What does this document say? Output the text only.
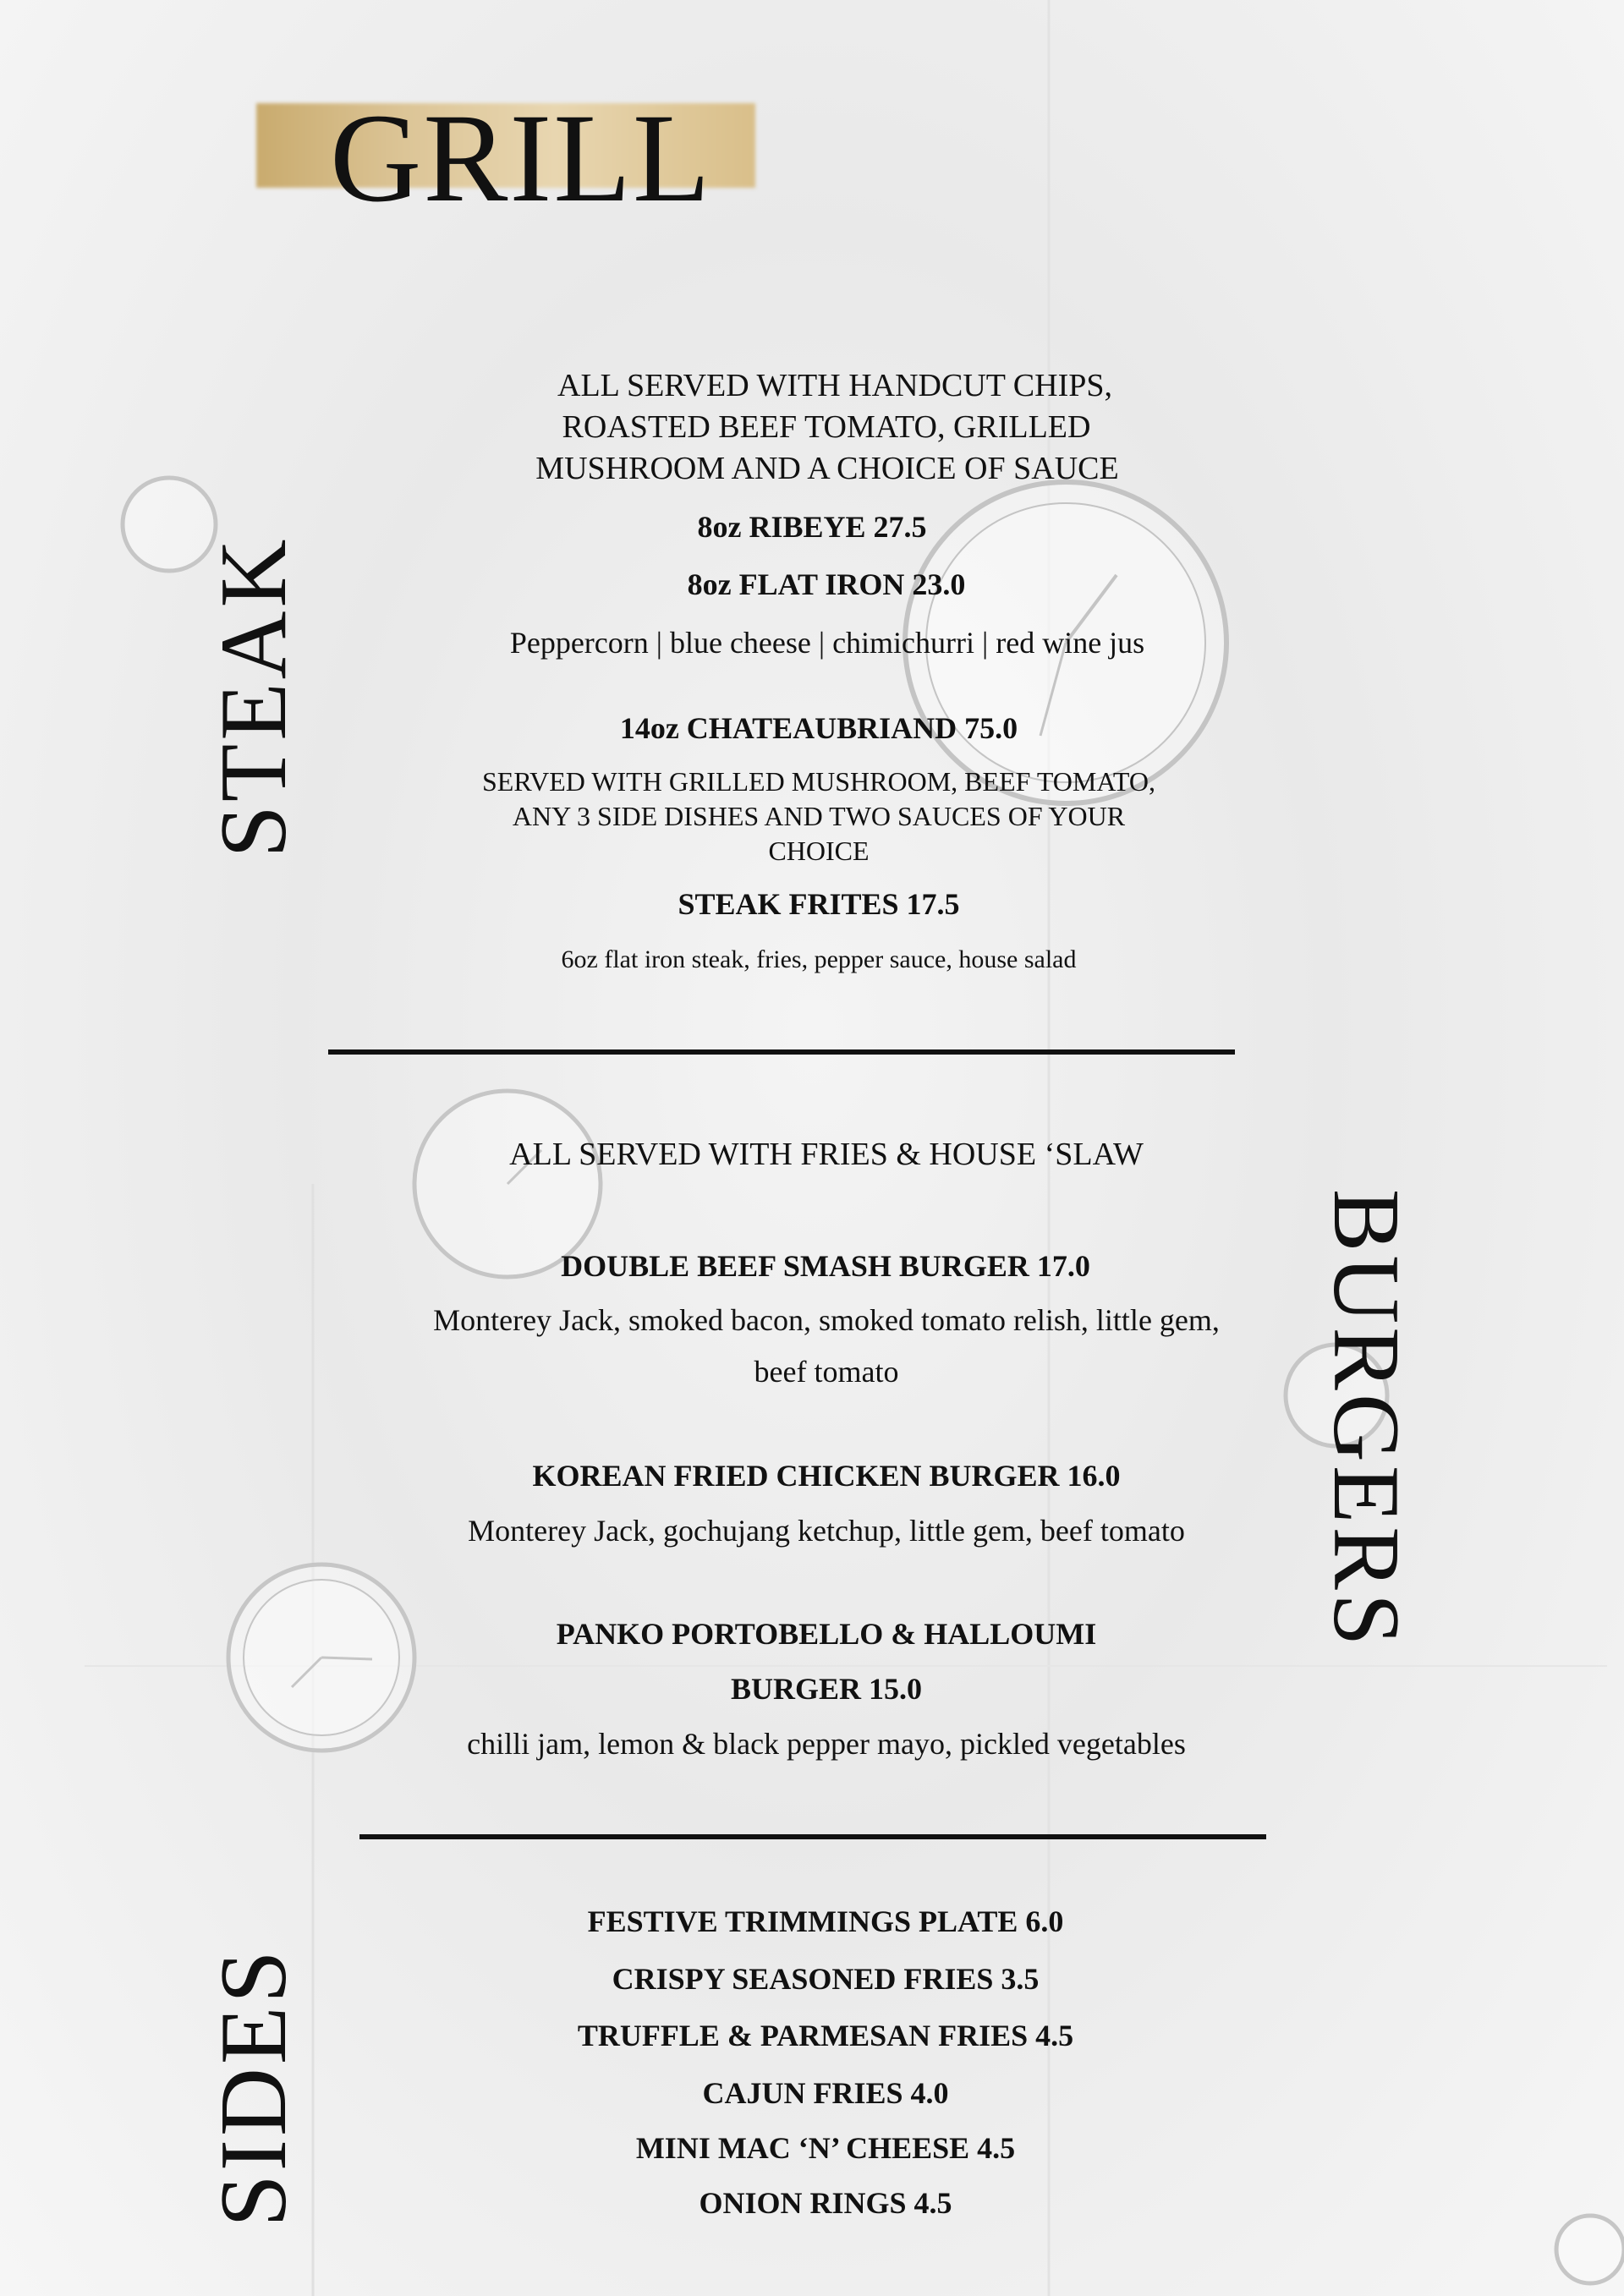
GRILL
STEAK
BURGERS
SIDES

ALL SERVED WITH HANDCUT CHIPS,

ROASTED BEEF TOMATO, GRILLED

MUSHROOM AND A CHOICE OF SAUCE

8oz RIBEYE 27.5

8oz FLAT IRON 23.0

Peppercorn | blue cheese | chimichurri | red wine jus

14oz CHATEAUBRIAND 75.0

SERVED WITH GRILLED MUSHROOM, BEEF TOMATO,

ANY 3 SIDE DISHES AND TWO SAUCES OF YOUR

CHOICE

STEAK FRITES 17.5

6oz flat iron steak, fries, pepper sauce, house salad

ALL SERVED WITH FRIES & HOUSE ‘SLAW

DOUBLE BEEF SMASH BURGER 17.0

Monterey Jack, smoked bacon, smoked tomato relish, little gem,

beef tomato

KOREAN FRIED CHICKEN BURGER 16.0

Monterey Jack, gochujang ketchup, little gem, beef tomato

PANKO PORTOBELLO & HALLOUMI

BURGER 15.0

chilli jam, lemon & black pepper mayo, pickled vegetables

FESTIVE TRIMMINGS PLATE 6.0

CRISPY SEASONED FRIES 3.5

TRUFFLE & PARMESAN FRIES 4.5

CAJUN FRIES 4.0

MINI MAC ‘N’ CHEESE 4.5

ONION RINGS 4.5
